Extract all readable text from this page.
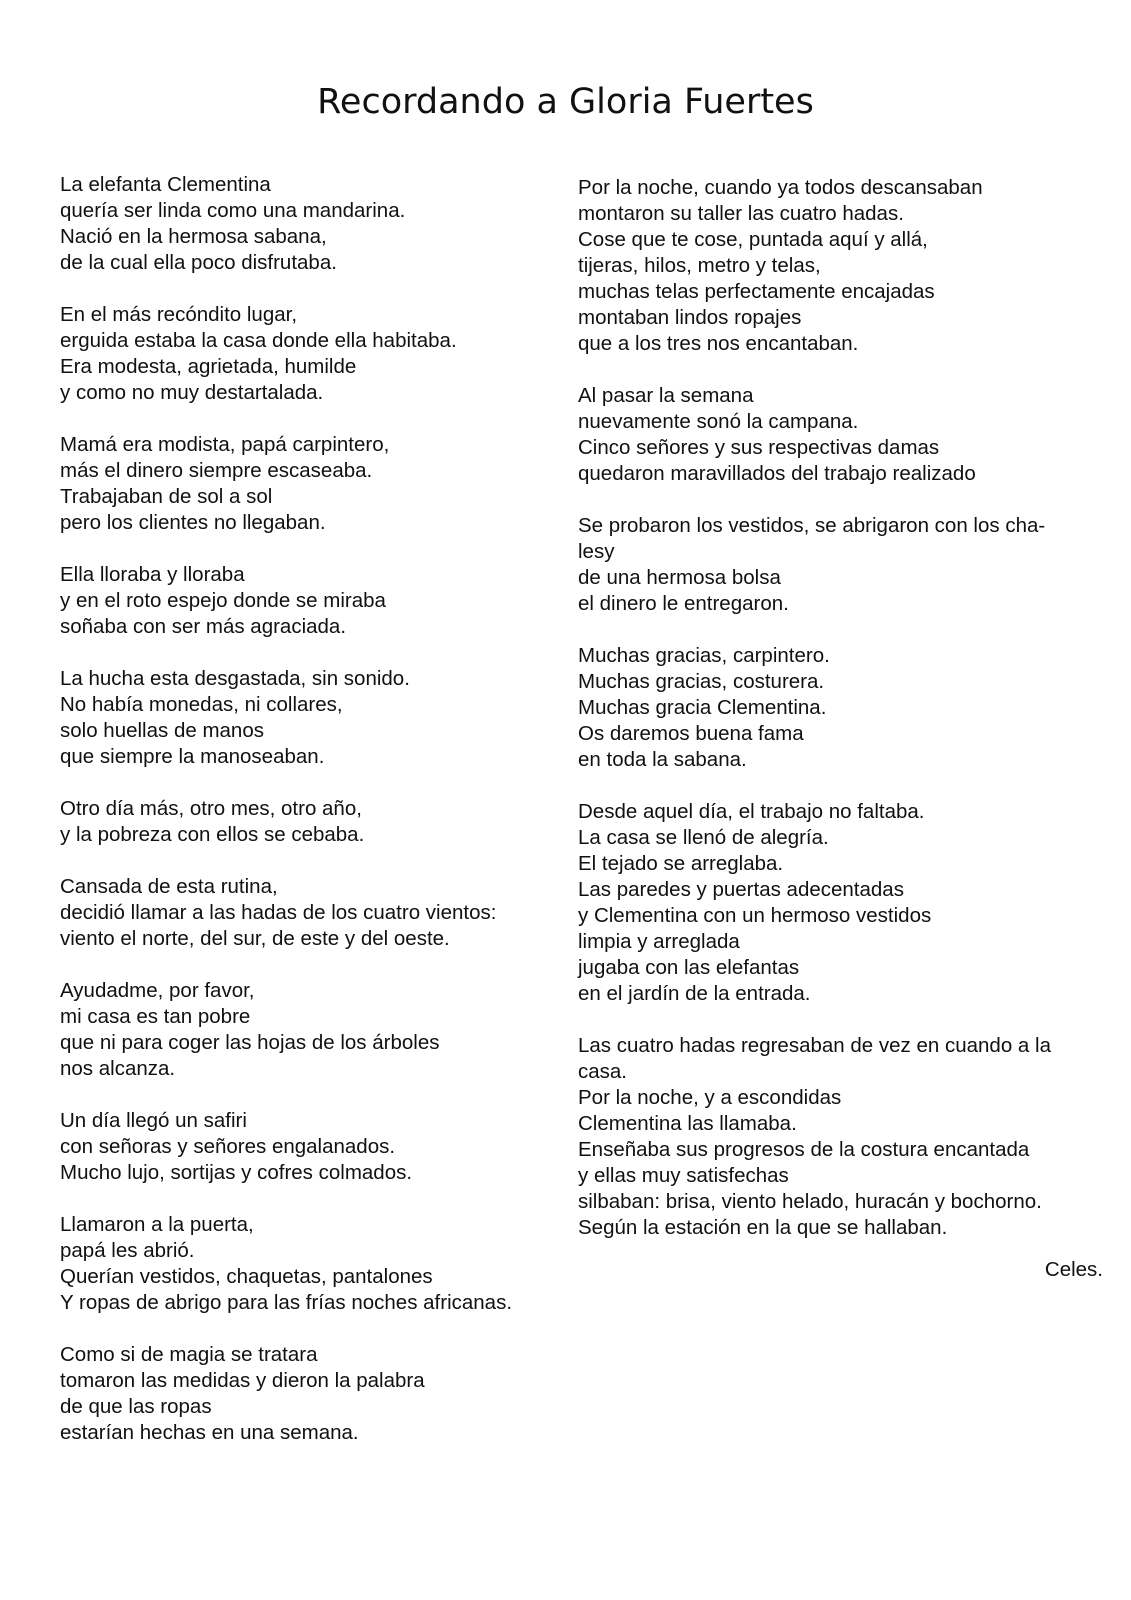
Recordando a Gloria Fuertes
La elefanta Clementina
quería ser linda como una mandarina.
Nació en la hermosa sabana,
de la cual ella poco disfrutaba.
En el más recóndito lugar,
erguida estaba la casa donde ella habitaba.
Era modesta, agrietada, humilde
y como no muy destartalada.
Mamá era modista, papá carpintero,
más el dinero siempre escaseaba.
Trabajaban de sol a sol
pero los clientes no llegaban.
Ella lloraba y lloraba
y en el roto espejo donde se miraba
soñaba con ser más agraciada.
La hucha esta desgastada, sin sonido.
No había monedas, ni collares,
solo huellas de manos
que siempre la manoseaban.
Otro día más, otro mes, otro año,
y la pobreza con ellos se cebaba.
Cansada de esta rutina,
decidió llamar a las hadas de los cuatro vientos:
viento el norte, del sur, de este y del oeste.
Ayudadme, por favor,
mi casa es tan pobre
que ni para coger las hojas de los árboles
nos alcanza.
Un día llegó un safiri
con señoras y señores engalanados.
Mucho lujo, sortijas y cofres colmados.
Llamaron a la puerta,
papá les abrió.
Querían vestidos, chaquetas, pantalones
Y ropas de abrigo para las frías noches africanas.
Como si de magia se tratara
tomaron las medidas y dieron la palabra
de que las ropas
estarían hechas en una semana.
Por la noche, cuando ya todos descansaban
montaron su taller las cuatro hadas.
Cose que te cose, puntada aquí y allá,
tijeras, hilos, metro y telas,
muchas telas perfectamente encajadas
montaban lindos ropajes
que a los tres nos encantaban.
Al pasar la semana
nuevamente sonó la campana.
Cinco señores y sus respectivas damas
quedaron maravillados del trabajo realizado
Se probaron los vestidos, se abrigaron con los cha-
lesy
de una hermosa bolsa
el dinero le entregaron.
Muchas gracias, carpintero.
Muchas gracias, costurera.
Muchas gracia Clementina.
Os daremos buena fama
en toda la sabana.
Desde aquel día, el trabajo no faltaba.
La casa se llenó de alegría.
El tejado se arreglaba.
Las paredes y puertas adecentadas
y Clementina con un hermoso vestidos
limpia y arreglada
jugaba con las elefantas
en el jardín de la entrada.
Las cuatro hadas regresaban de vez en cuando a la
casa.
Por la noche, y a escondidas
Clementina las llamaba.
Enseñaba sus progresos de la costura encantada
y ellas muy satisfechas
silbaban: brisa, viento helado, huracán y bochorno.
Según la estación en la que se hallaban.
Celes.
